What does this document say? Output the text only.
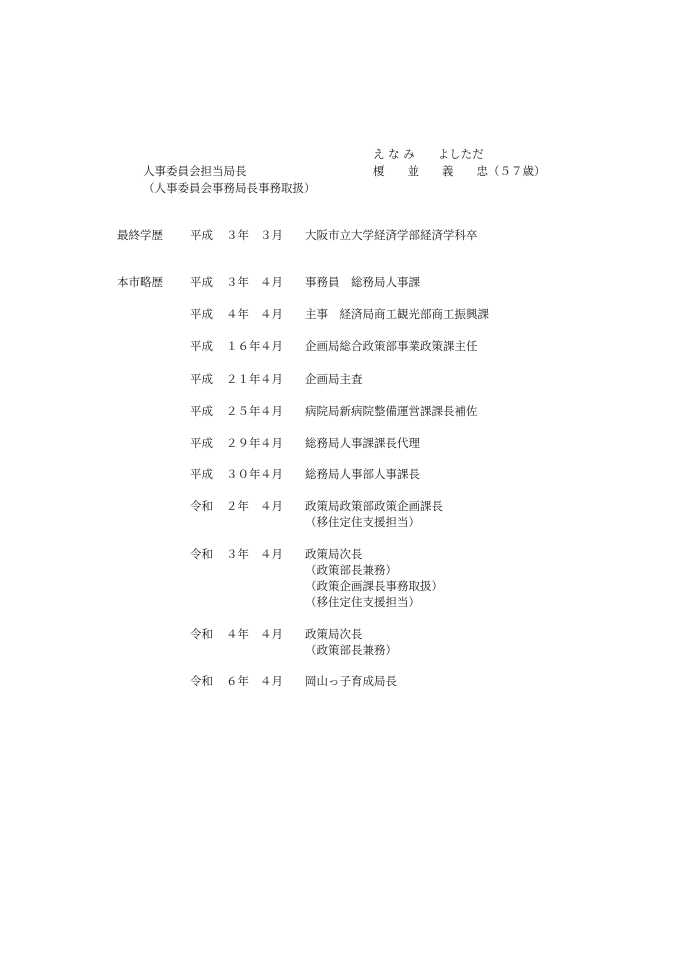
え な み　　よしただ
人事委員会担当局長
（人事委員会事務局長事務取扱）
榎　　並　　義　　忠（５７歳）
最終学歴 平成 ３年 ３月 大阪市立大学経済学部経済学科卒
本市略歴 平成 ３年 ４月 事務員　総務局人事課
平成 ４年 ４月 主事　経済局商工観光部商工振興課
平成 １６年 ４月 企画局総合政策部事業政策課主任
平成 ２１年 ４月 企画局主査
平成 ２５年 ４月 病院局新病院整備運営課課長補佐
平成 ２９年 ４月 総務局人事課課長代理
平成 ３０年 ４月 総務局人事部人事課長
令和 ２年 ４月 政策局政策部政策企画課長
（移住定住支援担当）
令和 ３年 ４月 政策局次長
（政策部長兼務）
（政策企画課長事務取扱）
（移住定住支援担当）
令和 ４年 ４月 政策局次長
（政策部長兼務）
令和 ６年 ４月 岡山っ子育成局長
